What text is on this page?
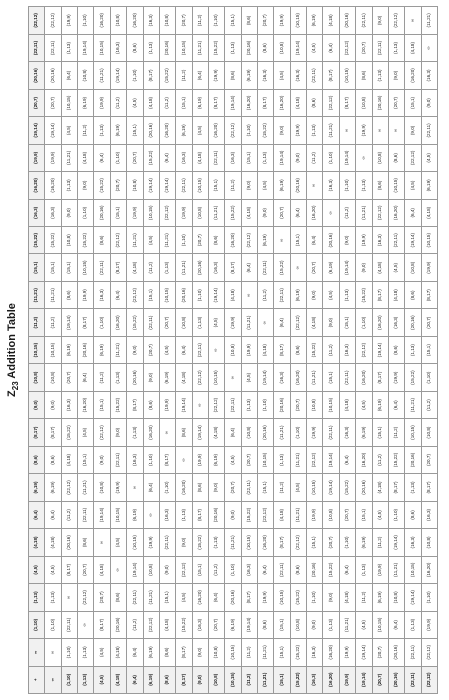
$Z_{23}$ Addition Table
+	∞	(1,10)	(1,13)	(4,5)	(4,18)	(6,4)	(6,19)	(8,6)	(8,17)	(9,0)	(10,8)	(10,15)	(11,2)	(11,21)	(15,1)	(15,22)	(16,3)	(16,20)	(19,9)	(19,14)	(20,7)	(20,16)	(22,11)	(22,12)
∞	∞	(1,10)	(1,13)	(4,5)	(4,18)	(6,4)	(6,19)	(8,6)	(8,17)	(9,0)	(10,8)	(10,15)	(11,2)	(11,21)	(15,1)	(15,22)	(16,3)	(16,20)	(19,9)	(19,14)	(20,7)	(20,16)	(22,11)	(22,12)
(1,10)	(1,10)	(22,11)	∞	(8,17)	(20,16)	(11,2)	(22,12)	(4,18)	(15,22)	(16,3)	(20,7)	(6,19)	(19,14)	(8,6)	(15,1)	(10,8)	(9,0)	(1,13)	(11,21)	(4,5)	(10,15)	(6,4)	(1,13)	(19,9)
(1,13)	(1,13)	∞	(22,12)	(20,7)	(8,6)	(22,11)	(11,21)	(15,1)	(4,5)	(16,20)	(6,4)	(20,16)	(8,17)	(19,9)	(10,15)	(15,22)	(1,10)	(9,0)	(4,18)	(11,2)	(6,19)	(10,8)	(19,14)	(1,10)
(4,5)	(4,5)	(8,17)	(20,7)	(4,18)	∞	(19,14)	(10,8)	(9,0)	(22,12)	(15,1)	(11,2)	(6,19)	(1,10)	(16,3)	(22,11)	(8,6)	(20,16)	(15,22)	(6,4)	(1,13)	(19,9)	(11,21)	(10,15)	(16,20)
(4,18)	(4,18)	(20,16)	(8,6)	∞	(4,5)	(10,15)	(19,9)	(22,11)	(9,0)	(15,22)	(1,13)	(11,21)	(16,20)	(6,4)	(8,17)	(22,12)	(15,1)	(20,7)	(1,10)	(6,19)	(11,2)	(19,14)	(16,3)	(10,8)
(6,4)	(6,4)	(11,2)	(22,11)	(19,14)	(10,15)	(6,19)	∞	(16,3)	(1,13)	(8,17)	(20,16)	(9,0)	(15,22)	(22,12)	(4,18)	(11,21)	(19,9)	(10,8)	(20,7)	(15,1)	(4,5)	(1,10)	(8,6)	(16,20)
(6,19)	(6,19)	(22,12)	(11,21)	(10,8)	(19,9)	∞	(6,4)	(1,10)	(16,20)	(8,6)	(9,0)	(20,7)	(22,11)	(15,1)	(11,2)	(4,5)	(10,15)	(19,14)	(15,22)	(20,16)	(4,18)	(8,17)	(1,13)	(16,3)
(8,6)	(8,6)	(4,18)	(15,1)	(9,0)	(22,11)	(16,3)	(1,10)	(8,17)	∞	(19,9)	(6,19)	(4,5)	(20,7)	(10,15)	(1,13)	(11,21)	(22,12)	(19,14)	(6,4)	(16,20)	(11,2)	(15,22)	(20,16)	(10,8)
(8,17)	(8,17)	(15,22)	(4,5)	(22,12)	(9,0)	(1,13)	(16,20)	∞	(8,6)	(19,14)	(4,18)	(6,4)	(10,8)	(20,16)	(11,21)	(1,10)	(19,9)	(22,11)	(16,3)	(6,19)	(15,1)	(11,2)	(10,15)	(20,7)
(9,0)	(9,0)	(16,3)	(16,20)	(15,1)	(15,22)	(8,17)	(8,6)	(19,9)	(19,14)	∞	(22,12)	(22,11)	(1,13)	(1,10)	(20,16)	(20,7)	(10,8)	(10,15)	(4,18)	(4,5)	(6,19)	(6,4)	(11,21)	(11,2)
(10,8)	(10,8)	(20,7)	(6,4)	(11,2)	(1,13)	(20,16)	(9,0)	(6,19)	(4,18)	(22,12)	(10,15)	∞	(4,5)	(19,14)	(16,3)	(8,6)	(11,21)	(15,1)	(22,11)	(16,20)	(8,17)	(19,9)	(15,22)	(1,10)
(10,15)	(10,15)	(6,19)	(20,16)	(1,10)	(11,21)	(9,0)	(20,7)	(4,5)	(6,4)	(22,11)	∞	(10,8)	(19,9)	(4,18)	(8,17)	(16,20)	(15,22)	(11,2)	(16,3)	(22,12)	(19,14)	(8,6)	(1,13)	(15,1)
(11,2)	(11,2)	(19,14)	(8,17)	(16,3)	(10,15)	(15,22)	(22,11)	(20,7)	(10,8)	(1,13)	(4,5)	(19,9)	(11,21)	∞	(6,4)	(22,12)	(4,18)	(9,0)	(15,1)	(1,10)	(16,20)	(6,19)	(20,16)	(8,6)
(11,21)	(11,21)	(8,6)	(19,9)	(6,4)	(16,20)	(22,12)	(15,1)	(10,15)	(20,16)	(1,10)	(19,14)	(4,18)	∞	(11,2)	(22,11)	(6,19)	(9,0)	(4,5)	(1,13)	(15,22)	(8,17)	(16,3)	(8,6)	(20,7)
(15,1)	(15,1)	(15,1)	(10,15)	(22,11)	(8,17)	(4,18)	(11,2)	(1,13)	(11,21)	(20,16)	(16,3)	(8,17)	(6,4)	(22,11)	(15,22)	∞	(20,7)	(6,19)	(19,14)	(9,0)	(16,20)	(4,5)	(10,8)	(19,9)
(15,22)	(15,22)	(10,8)	(15,22)	(8,6)	(22,12)	(11,21)	(4,5)	(11,21)	(1,10)	(20,7)	(16,20)	(8,6)	(22,12)	(6,19)	∞	(15,1)	(6,4)	(20,16)	(9,0)	(19,9)	(4,18)	(16,3)	(19,14)	(10,15)
(16,3)	(16,3)	(9,0)	(1,10)	(20,16)	(15,1)	(19,9)	(10,15)	(22,12)	(19,9)	(10,8)	(11,21)	(15,22)	(4,18)	(9,0)	(20,7)	(6,4)	(16,20)	∞	(11,2)	(1,13)	(8,6)	(22,11)	(4,5)	(6,19)
(16,20)	(16,20)	(1,13)	(9,0)	(15,22)	(20,7)	(10,8)	(19,14)	(19,14)	(22,11)	(10,15)	(15,1)	(11,2)	(9,0)	(4,5)	(6,19)	(20,16)	∞	(16,3)	(1,10)	(11,21)	(22,12)	(8,17)	(6,4)	(4,18)
(19,9)	(19,9)	(11,21)	(4,18)	(6,4)	(1,10)	(20,7)	(15,22)	(6,4)	(16,3)	(4,18)	(22,11)	(16,3)	(15,1)	(1,13)	(19,14)	(9,0)	(11,2)	(1,10)	(19,14)	∞	(8,17)	(10,15)	(22,12)	(20,16)
(19,14)	(19,14)	(4,5)	(11,2)	(1,13)	(6,19)	(15,1)	(20,16)	(16,20)	(6,19)	(4,5)	(16,20)	(22,12)	(1,10)	(15,22)	(9,0)	(19,9)	(11,21)	(1,13)	∞	(19,9)	(10,8)	(8,6)	(20,7)	(22,11)
(20,7)	(20,7)	(10,15)	(6,19)	(19,9)	(11,2)	(4,5)	(4,18)	(11,2)	(15,1)	(6,19)	(8,17)	(19,14)	(16,20)	(8,17)	(4,18)	(16,3)	(22,12)	(8,6)	(10,8)	∞	(20,16)	(1,13)	(22,11)	(9,0)
(20,16)	(20,16)	(6,4)	(10,8)	(11,21)	(19,14)	(1,10)	(8,17)	(15,22)	(11,2)	(6,4)	(19,9)	(8,6)	(16,3)	(4,18)	(4,5)	(22,11)	(16,20)	(10,15)	(8,6)	∞	(20,7)	(9,0)	(1,13)	(22,12)
(22,11)	(22,11)	(1,13)	(19,14)	(10,15)	(16,3)	(8,6)	(1,13)	(20,16)	(10,15)	(11,21)	(15,22)	(1,13)	(20,16)	(8,6)	(10,8)	(19,14)	(6,4)	(4,5)	(22,12)	(9,0)	(15,1)	(16,20)	(4,18)	∞
(22,12)	(22,12)	(19,9)	(1,10)	(16,20)	(10,8)	(16,3)	(8,17)	(20,7)	(10,8)	(11,2)	(1,10)	(15,1)	(20,7)	(8,17)	(19,9)	(10,15)	(4,18)	(6,19)	(4,5)	(22,11)	(9,0)	(16,3)	∞	(11,21)
